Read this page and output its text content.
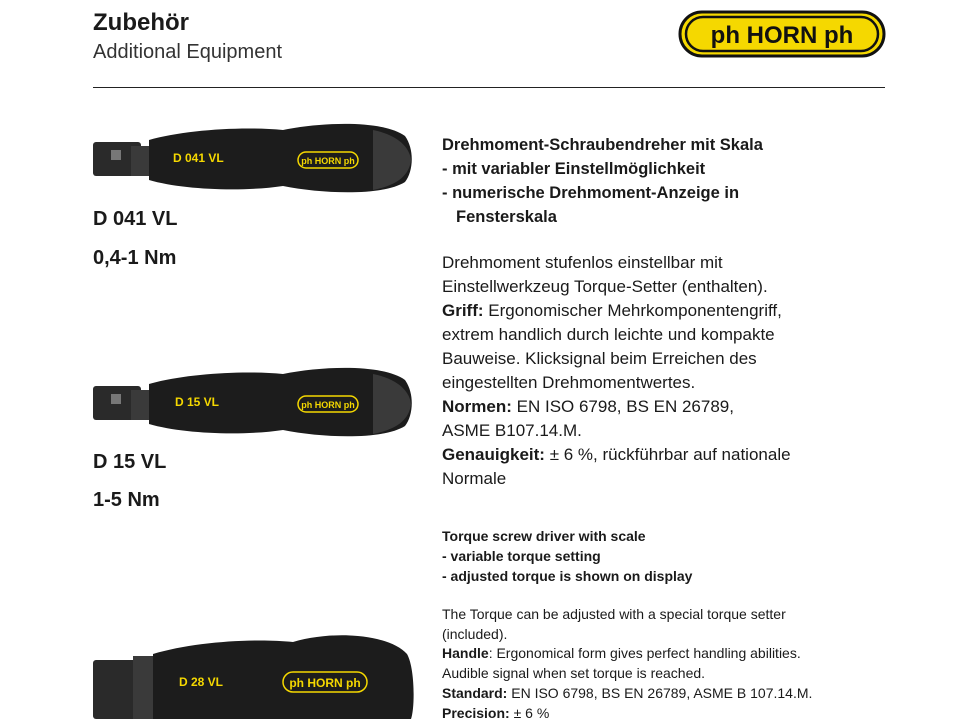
Zubehör
Additional Equipment
ph HORN ph
D 041 VL	ph HORN ph
D 041 VL
0,4-1 Nm
D 15 VL	ph HORN ph
D 15 VL
1-5 Nm
D 28 VL	ph HORN ph
Drehmoment-Schraubendreher mit Skala
- mit variabler Einstellmöglichkeit
- numerische Drehmoment-Anzeige in
Fensterskala
Drehmoment stufenlos einstellbar mit
Einstellwerkzeug Torque-Setter (enthalten).
Griff: Ergonomischer Mehrkomponentengriff,
extrem handlich durch leichte und kompakte
Bauweise. Klicksignal beim Erreichen des
eingestellten Drehmomentwertes.
Normen: EN ISO 6798, BS EN 26789,
ASME B107.14.M.
Genauigkeit: ± 6 %, rückführbar auf nationale
Normale
Torque screw driver with scale
- variable torque setting
- adjusted torque is shown on display
The Torque can be adjusted with a special torque setter
(included).
Handle: Ergonomical form gives perfect handling abilities.
Audible signal when set torque is reached.
Standard: EN ISO 6798, BS EN 26789, ASME B 107.14.M.
Precision: ± 6 %
